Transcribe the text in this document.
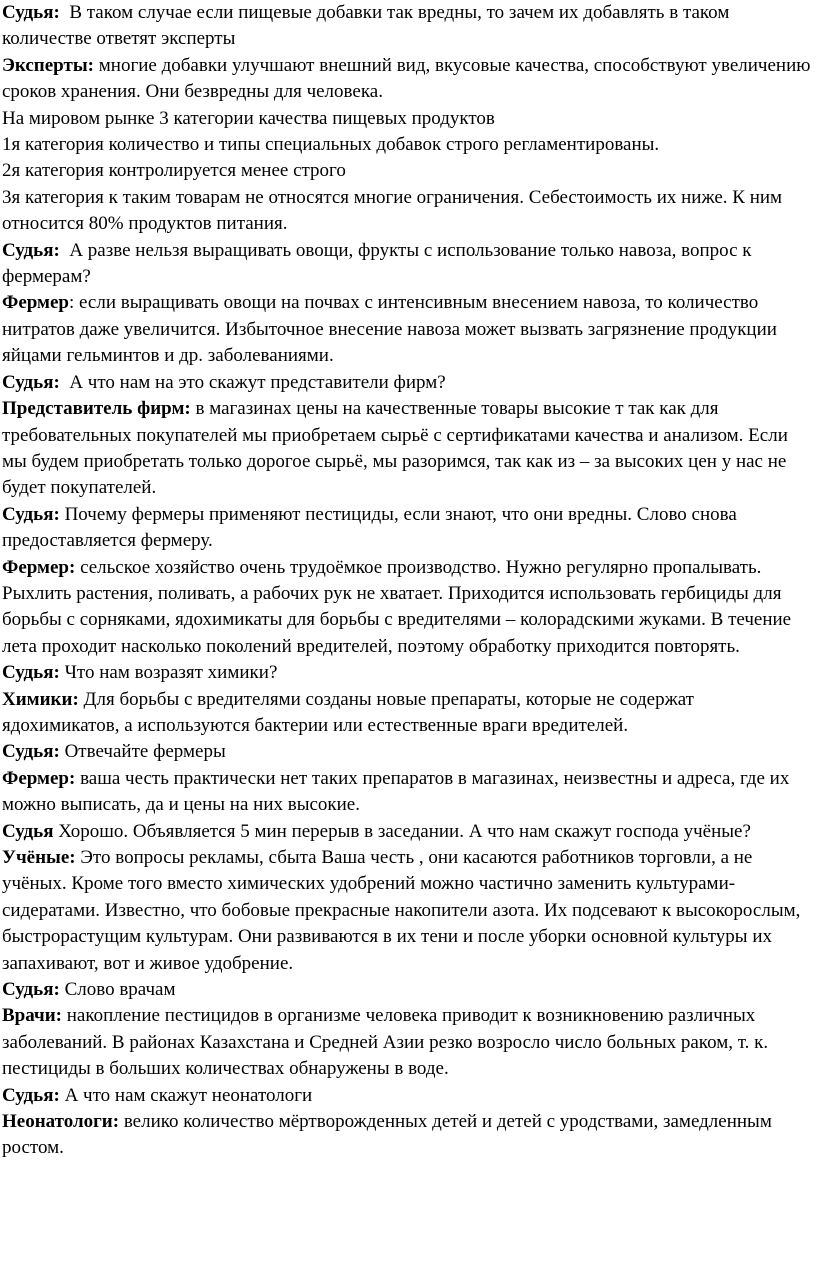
Судья:  В таком случае если пищевые добавки так вредны, то зачем их добавлять в таком количестве ответят эксперты

Эксперты: многие добавки улучшают внешний вид, вкусовые качества, способствуют увеличению сроков хранения. Они безвредны для человека.

На мировом рынке 3 категории качества пищевых продуктов

1я категория количество и типы специальных добавок строго регламентированы.

2я категория контролируется менее строго

3я категория к таким товарам не относятся многие ограничения. Себестоимость их ниже. К ним относится 80% продуктов питания.

Судья:  А разве нельзя выращивать овощи, фрукты с использование только навоза, вопрос к фермерам?

Фермер: если выращивать овощи на почвах с интенсивным внесением навоза, то количество нитратов даже увеличится. Избыточное внесение навоза может вызвать загрязнение продукции яйцами гельминтов и др. заболеваниями.

Судья:  А что нам на это скажут представители фирм?

Представитель фирм: в магазинах цены на качественные товары высокие т так как для требовательных покупателей мы приобретаем сырьё с сертификатами качества и анализом. Если мы будем приобретать только дорогое сырьё, мы разоримся, так как из – за высоких цен у нас не будет покупателей.

Судья: Почему фермеры применяют пестициды, если знают, что они вредны. Слово снова предоставляется фермеру.

Фермер: сельское хозяйство очень трудоёмкое производство. Нужно регулярно пропалывать. Рыхлить растения, поливать, а рабочих рук не хватает. Приходится использовать гербициды для борьбы с сорняками, ядохимикаты для борьбы с вредителями – колорадскими жуками. В течение лета проходит насколько поколений вредителей, поэтому обработку приходится повторять.

Судья: Что нам возразят химики?

Химики: Для борьбы с вредителями созданы новые препараты, которые не содержат ядохимикатов, а используются бактерии или естественные враги вредителей.

Судья: Отвечайте фермеры

Фермер: ваша честь практически нет таких препаратов в магазинах, неизвестны и адреса, где их можно выписать, да и цены на них высокие.

Судья Хорошо. Объявляется 5 мин перерыв в заседании. А что нам скажут господа учёные?

Учёные: Это вопросы рекламы, сбыта Ваша честь , они касаются работников торговли, а не учёных. Кроме того вместо химических удобрений можно частично заменить культурами-сидератами. Известно, что бобовые прекрасные накопители азота. Их подсевают к высокорослым, быстрорастущим культурам. Они развиваются в их тени и после уборки основной культуры их запахивают, вот и живое удобрение.

Судья: Слово врачам

Врачи: накопление пестицидов в организме человека приводит к возникновению различных заболеваний. В районах Казахстана и Средней Азии резко возросло число больных раком, т. к. пестициды в больших количествах обнаружены в воде.

Судья: А что нам скажут неонатологи

Неонатологи: велико количество мёртворожденных детей и детей с уродствами, замедленным ростом.
